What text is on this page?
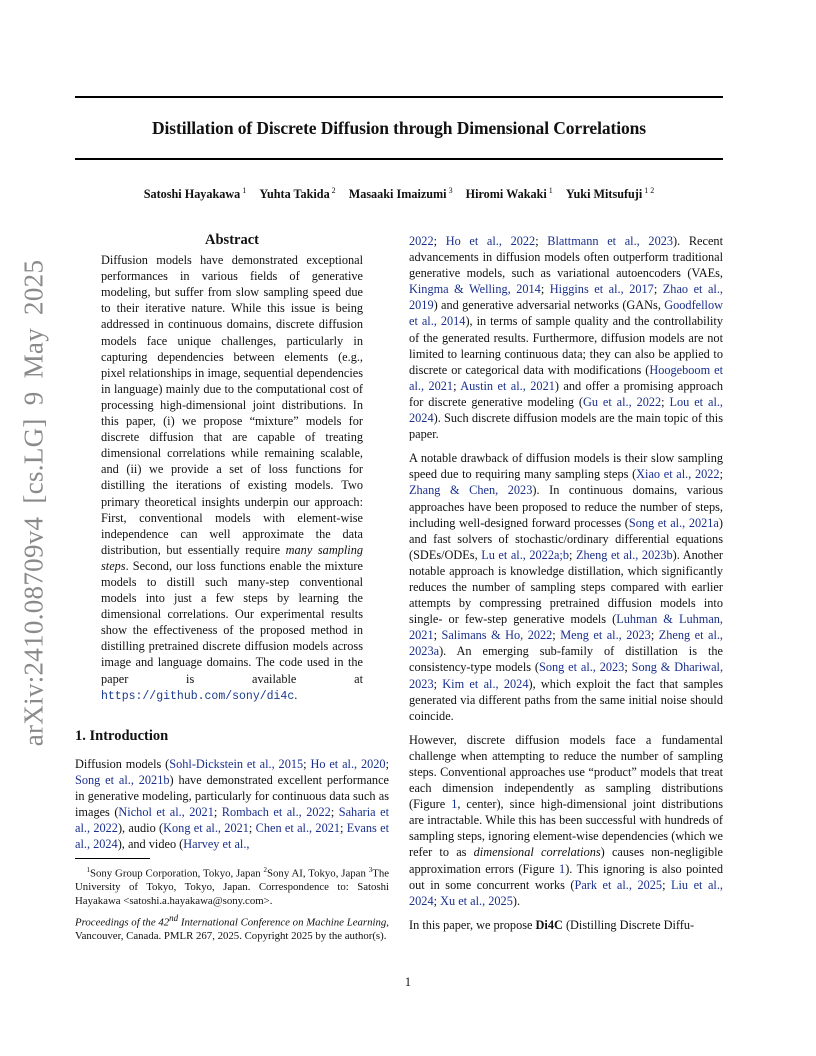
Distillation of Discrete Diffusion through Dimensional Correlations
Satoshi Hayakawa $^1$ Yuhta Takida $^2$ Masaaki Imaizumi $^3$ Hiromi Wakaki $^1$ Yuki Mitsufuji $^{1 2}$
arXiv:2410.08709v4 [cs.LG] 9 May 2025
Abstract

Diffusion models have demonstrated exceptional performances in various fields of generative modeling, but suffer from slow sampling speed due to their iterative nature. While this issue is being addressed in continuous domains, discrete diffusion models face unique challenges, particularly in capturing dependencies between elements (e.g., pixel relationships in image, sequential dependencies in language) mainly due to the computational cost of processing high-dimensional joint distributions. In this paper, (i) we propose “mixture” models for discrete diffusion that are capable of treating dimensional correlations while remaining scalable, and (ii) we provide a set of loss functions for distilling the iterations of existing models. Two primary theoretical insights underpin our approach: First, conventional models with element-wise independence can well approximate the data distribution, but essentially require many sampling steps. Second, our loss functions enable the mixture models to distill such many-step conventional models into just a few steps by learning the dimensional correlations. Our experimental results show the effectiveness of the proposed method in distilling pretrained discrete diffusion models across image and language domains. The code used in the paper is available at https://github.com/sony/di4c.

1. Introduction

Diffusion models (Sohl-Dickstein et al., 2015; Ho et al., 2020; Song et al., 2021b) have demonstrated excellent performance in generative modeling, particularly for continuous data such as images (Nichol et al., 2021; Rombach et al., 2022; Saharia et al., 2022), audio (Kong et al., 2021; Chen et al., 2021; Evans et al., 2024), and video (Harvey et al.,

$^1$Sony Group Corporation, Tokyo, Japan $^2$Sony AI, Tokyo, Japan $^3$The University of Tokyo, Tokyo, Japan. Correspondence to: Satoshi Hayakawa <satoshi.a.hayakawa@sony.com>.

Proceedings of the 42nd International Conference on Machine Learning, Vancouver, Canada. PMLR 267, 2025. Copyright 2025 by the author(s).

2022; Ho et al., 2022; Blattmann et al., 2023). Recent advancements in diffusion models often outperform traditional generative models, such as variational autoencoders (VAEs, Kingma & Welling, 2014; Higgins et al., 2017; Zhao et al., 2019) and generative adversarial networks (GANs, Goodfellow et al., 2014), in terms of sample quality and the controllability of the generated results. Furthermore, diffusion models are not limited to learning continuous data; they can also be applied to discrete or categorical data with modifications (Hoogeboom et al., 2021; Austin et al., 2021) and offer a promising approach for discrete generative modeling (Gu et al., 2022; Lou et al., 2024). Such discrete diffusion models are the main topic of this paper.

A notable drawback of diffusion models is their slow sampling speed due to requiring many sampling steps (Xiao et al., 2022; Zhang & Chen, 2023). In continuous domains, various approaches have been proposed to reduce the number of steps, including well-designed forward processes (Song et al., 2021a) and fast solvers of stochastic/ordinary differential equations (SDEs/ODEs, Lu et al., 2022a;b; Zheng et al., 2023b). Another notable approach is knowledge distillation, which significantly reduces the number of sampling steps compared with earlier attempts by compressing pretrained diffusion models into single- or few-step generative models (Luhman & Luhman, 2021; Salimans & Ho, 2022; Meng et al., 2023; Zheng et al., 2023a). An emerging sub-family of distillation is the consistency-type models (Song et al., 2023; Song & Dhariwal, 2023; Kim et al., 2024), which exploit the fact that samples generated via different paths from the same initial noise should coincide.

However, discrete diffusion models face a fundamental challenge when attempting to reduce the number of sampling steps. Conventional approaches use “product” models that treat each dimension independently as sampling distributions (Figure 1, center), since high-dimensional joint distributions are intractable. While this has been successful with hundreds of sampling steps, ignoring element-wise dependencies (which we refer to as dimensional correlations) causes non-negligible approximation errors (Figure 1). This ignoring is also pointed out in some concurrent works (Park et al., 2025; Liu et al., 2024; Xu et al., 2025).

In this paper, we propose Di4C (Distilling Discrete Diffu-

1
